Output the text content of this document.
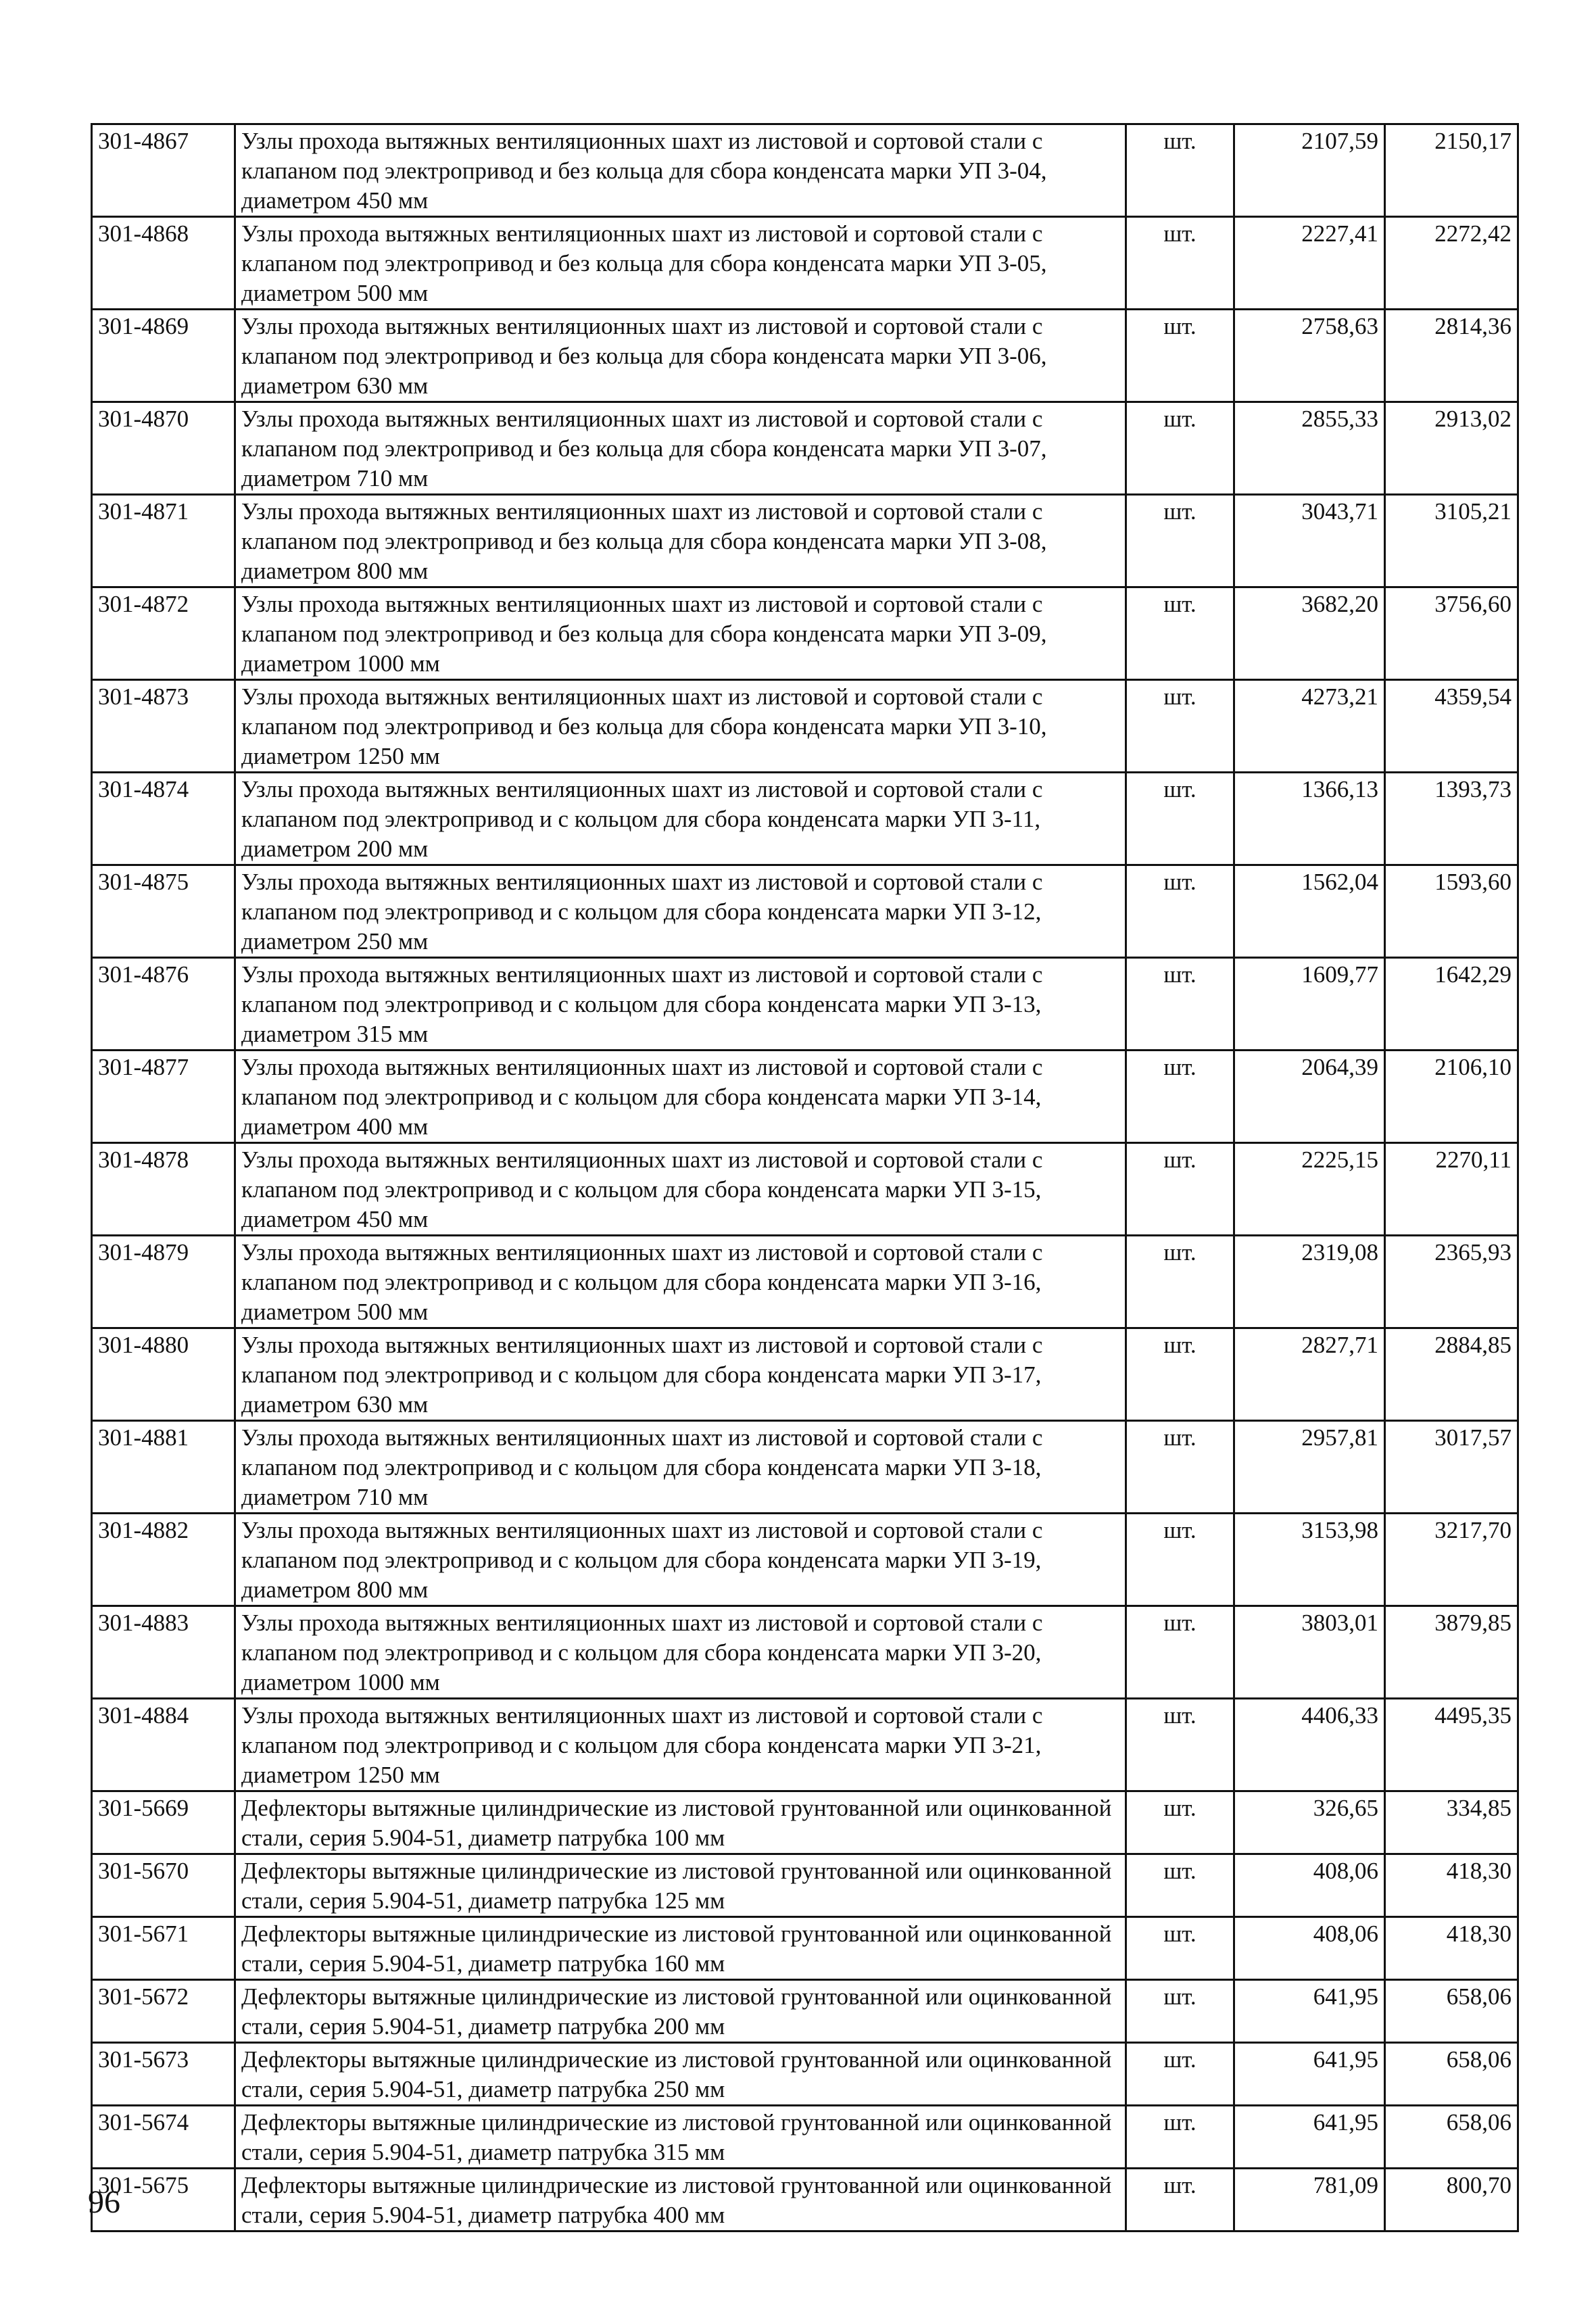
301-4867	Узлы прохода вытяжных вентиляционных шахт из листовой и сортовой стали с клапаном под электропривод и без кольца для сбора конденсата марки УП 3-04, диаметром 450 мм	шт.	2107,59	2150,17
301-4868	Узлы прохода вытяжных вентиляционных шахт из листовой и сортовой стали с клапаном под электропривод и без кольца для сбора конденсата марки УП 3-05, диаметром 500 мм	шт.	2227,41	2272,42
301-4869	Узлы прохода вытяжных вентиляционных шахт из листовой и сортовой стали с клапаном под электропривод и без кольца для сбора конденсата марки УП 3-06, диаметром 630 мм	шт.	2758,63	2814,36
301-4870	Узлы прохода вытяжных вентиляционных шахт из листовой и сортовой стали с клапаном под электропривод и без кольца для сбора конденсата марки УП 3-07, диаметром 710 мм	шт.	2855,33	2913,02
301-4871	Узлы прохода вытяжных вентиляционных шахт из листовой и сортовой стали с клапаном под электропривод и без кольца для сбора конденсата марки УП 3-08, диаметром 800 мм	шт.	3043,71	3105,21
301-4872	Узлы прохода вытяжных вентиляционных шахт из листовой и сортовой стали с клапаном под электропривод и без кольца для сбора конденсата марки УП 3-09, диаметром 1000 мм	шт.	3682,20	3756,60
301-4873	Узлы прохода вытяжных вентиляционных шахт из листовой и сортовой стали с клапаном под электропривод и без кольца для сбора конденсата марки УП 3-10, диаметром 1250 мм	шт.	4273,21	4359,54
301-4874	Узлы прохода вытяжных вентиляционных шахт из листовой и сортовой стали с клапаном под электропривод и с кольцом для сбора конденсата марки УП 3-11, диаметром 200 мм	шт.	1366,13	1393,73
301-4875	Узлы прохода вытяжных вентиляционных шахт из листовой и сортовой стали с клапаном под электропривод и с кольцом для сбора конденсата марки УП 3-12, диаметром 250 мм	шт.	1562,04	1593,60
301-4876	Узлы прохода вытяжных вентиляционных шахт из листовой и сортовой стали с клапаном под электропривод и с кольцом для сбора конденсата марки УП 3-13, диаметром 315 мм	шт.	1609,77	1642,29
301-4877	Узлы прохода вытяжных вентиляционных шахт из листовой и сортовой стали с клапаном под электропривод и с кольцом для сбора конденсата марки УП 3-14, диаметром 400 мм	шт.	2064,39	2106,10
301-4878	Узлы прохода вытяжных вентиляционных шахт из листовой и сортовой стали с клапаном под электропривод и с кольцом для сбора конденсата марки УП 3-15, диаметром 450 мм	шт.	2225,15	2270,11
301-4879	Узлы прохода вытяжных вентиляционных шахт из листовой и сортовой стали с клапаном под электропривод и с кольцом для сбора конденсата марки УП 3-16, диаметром 500 мм	шт.	2319,08	2365,93
301-4880	Узлы прохода вытяжных вентиляционных шахт из листовой и сортовой стали с клапаном под электропривод и с кольцом для сбора конденсата марки УП 3-17, диаметром 630 мм	шт.	2827,71	2884,85
301-4881	Узлы прохода вытяжных вентиляционных шахт из листовой и сортовой стали с клапаном под электропривод и с кольцом для сбора конденсата марки УП 3-18, диаметром 710 мм	шт.	2957,81	3017,57
301-4882	Узлы прохода вытяжных вентиляционных шахт из листовой и сортовой стали с клапаном под электропривод и с кольцом для сбора конденсата марки УП 3-19, диаметром 800 мм	шт.	3153,98	3217,70
301-4883	Узлы прохода вытяжных вентиляционных шахт из листовой и сортовой стали с клапаном под электропривод и с кольцом для сбора конденсата марки УП 3-20, диаметром 1000 мм	шт.	3803,01	3879,85
301-4884	Узлы прохода вытяжных вентиляционных шахт из листовой и сортовой стали с клапаном под электропривод и с кольцом для сбора конденсата марки УП 3-21, диаметром 1250 мм	шт.	4406,33	4495,35
301-5669	Дефлекторы вытяжные цилиндрические из листовой грунтованной или оцинкованной стали, серия 5.904-51, диаметр патрубка 100 мм	шт.	326,65	334,85
301-5670	Дефлекторы вытяжные цилиндрические из листовой грунтованной или оцинкованной стали, серия 5.904-51, диаметр патрубка 125 мм	шт.	408,06	418,30
301-5671	Дефлекторы вытяжные цилиндрические из листовой грунтованной или оцинкованной стали, серия 5.904-51, диаметр патрубка 160 мм	шт.	408,06	418,30
301-5672	Дефлекторы вытяжные цилиндрические из листовой грунтованной или оцинкованной стали, серия 5.904-51, диаметр патрубка 200 мм	шт.	641,95	658,06
301-5673	Дефлекторы вытяжные цилиндрические из листовой грунтованной или оцинкованной стали, серия 5.904-51, диаметр патрубка 250 мм	шт.	641,95	658,06
301-5674	Дефлекторы вытяжные цилиндрические из листовой грунтованной или оцинкованной стали, серия 5.904-51, диаметр патрубка 315 мм	шт.	641,95	658,06
301-5675	Дефлекторы вытяжные цилиндрические из листовой грунтованной или оцинкованной стали, серия 5.904-51, диаметр патрубка 400 мм	шт.	781,09	800,70
96
